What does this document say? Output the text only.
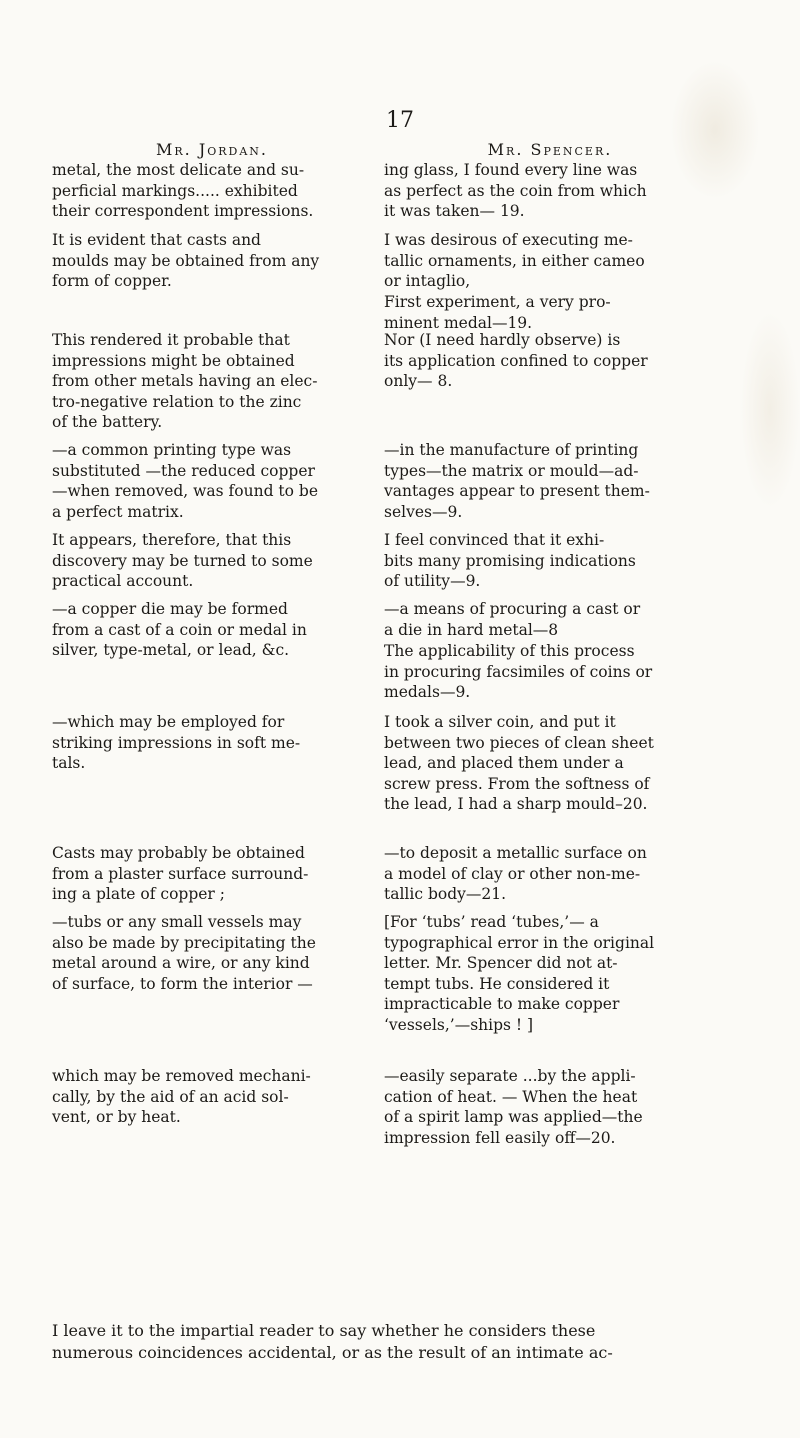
17
Mr. Jordan.
metal, the most delicate and su-
perficial markings..... exhibited
their correspondent impressions.
It is evident that casts and
moulds may be obtained from any
form of copper.
This rendered it probable that
impressions might be obtained
from other metals having an elec-
tro-negative relation to the zinc
of the battery.
—a common printing type was
substituted —the reduced copper
—when removed, was found to be
a perfect matrix.
It appears, therefore, that this
discovery may be turned to some
practical account.
—a copper die may be formed
from a cast of a coin or medal in
silver, type-metal, or lead, &c.
—which may be employed for
striking impressions in soft me-
tals.
Casts may probably be obtained
from a plaster surface surround-
ing a plate of copper ;
—tubs or any small vessels may
also be made by precipitating the
metal around a wire, or any kind
of surface, to form the interior —
which may be removed mechani-
cally, by the aid of an acid sol-
vent, or by heat.
Mr. Spencer.
ing glass, I found every line was
as perfect as the coin from which
it was taken— 19.
I was desirous of executing me-
tallic ornaments, in either cameo
or intaglio,
First experiment, a very pro-
minent medal—19.
Nor (I need hardly observe) is
its application confined to copper
only— 8.
—in the manufacture of printing
types—the matrix or mould—ad-
vantages appear to present them-
selves—9.
I feel convinced that it exhi-
bits many promising indications
of utility—9.
—a means of procuring a cast or
a die in hard metal—8
The applicability of this process
in procuring facsimiles of coins or
medals—9.
I took a silver coin, and put it
between two pieces of clean sheet
lead, and placed them under a
screw press. From the softness of
the lead, I had a sharp mould–20.
—to deposit a metallic surface on
a model of clay or other non-me-
tallic body—21.
[For ‘tubs’ read ‘tubes,’— a
typographical error in the original
letter. Mr. Spencer did not at-
tempt tubs. He considered it
impracticable to make copper
‘vessels,’—ships ! ]
—easily separate ...by the appli-
cation of heat. — When the heat
of a spirit lamp was applied—the
impression fell easily off—20.
I leave it to the impartial reader to say whether he considers these
numerous coincidences accidental, or as the result of an intimate ac-
